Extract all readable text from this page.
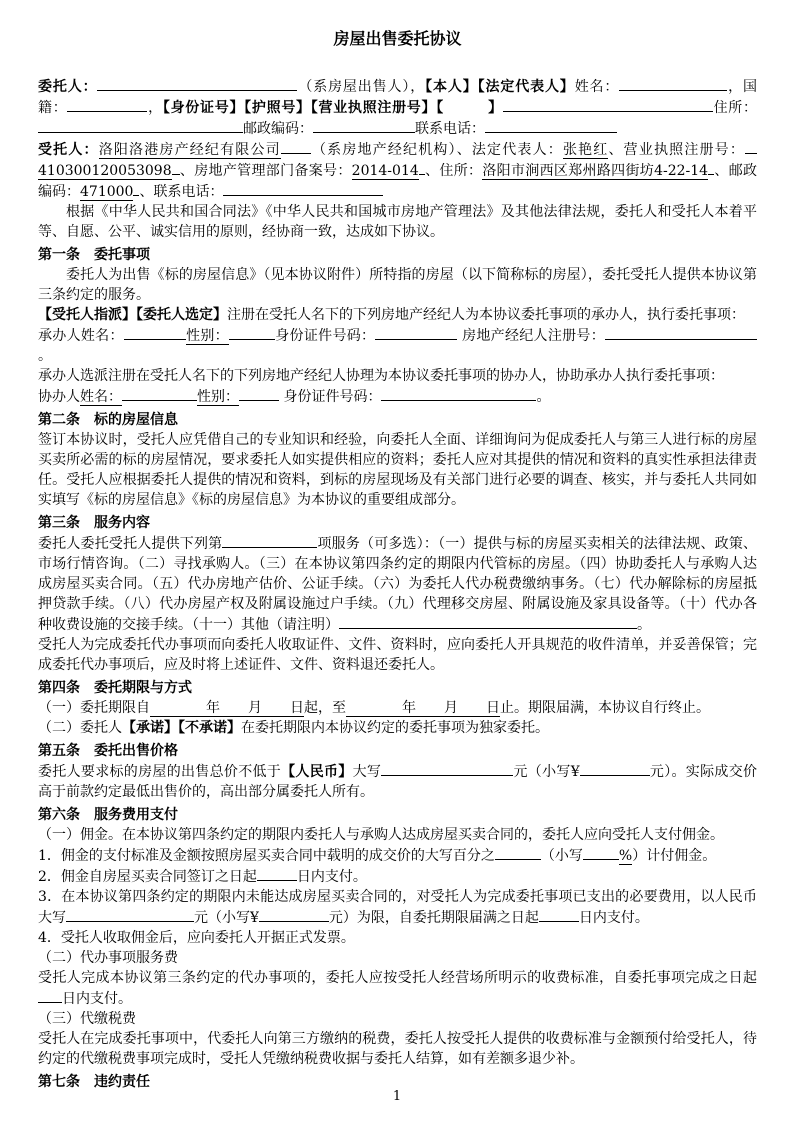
房屋出售委托协议

委托人：	（系房屋出售人），【本人】【法定代表人】姓名：	，国籍：	，【身份证号】【护照号】【营业执照注册号】【　　　	】	住所：邮政编码：	联系电话：

受托人：洛阳洛港房产经纪有限公司 （系房地产经纪机构）、法定代表人：张艳红、营业执照注册号：410300120053098 、房地产管理部门备案号：2014-014 、住所：洛阳市涧西区郑州路四街坊4-22-14 、邮政编码：471000 、联系电话：

根据《中华人民共和国合同法》《中华人民共和国城市房地产管理法》及其他法律法规，委托人和受托人本着平等、自愿、公平、诚实信用的原则，经协商一致，达成如下协议。

第一条　委托事项

委托人为出售《标的房屋信息》（见本协议附件）所特指的房屋（以下简称标的房屋），委托受托人提供本协议第三条约定的服务。

【受托人指派】【委托人选定】注册在受托人名下的下列房地产经纪人为本协议委托事项的承办人，执行委托事项：

承办人姓名：	性别：	身份证件号码：	房地产经纪人注册号：。

承办人选派注册在受托人名下的下列房地产经纪人协理为本协议委托事项的协办人，协助承办人执行委托事项：

协办人姓名：	性别：	身份证件号码：	。

第二条　标的房屋信息

签订本协议时，受托人应凭借自己的专业知识和经验，向委托人全面、详细询问为促成委托人与第三人进行标的房屋买卖所必需的标的房屋情况，要求委托人如实提供相应的资料；委托人应对其提供的情况和资料的真实性承担法律责任。受托人应根据委托人提供的情况和资料，到标的房屋现场及有关部门进行必要的调查、核实，并与委托人共同如实填写《标的房屋信息》《标的房屋信息》为本协议的重要组成部分。

第三条　服务内容

委托人委托受托人提供下列第	项服务（可多选）：（一）提供与标的房屋买卖相关的法律法规、政策、市场行情咨询。（二）寻找承购人。（三）在本协议第四条约定的期限内代管标的房屋。（四）协助委托人与承购人达成房屋买卖合同。（五）代办房地产估价、公证手续。（六）为委托人代办税费缴纳事务。（七）代办解除标的房屋抵押贷款手续。（八）代办房屋产权及附属设施过户手续。（九）代理移交房屋、附属设施及家具设备等。（十）代办各种收费设施的交接手续。（十一）其他（请注明）	。

受托人为完成委托代办事项而向委托人收取证件、文件、资料时，应向委托人开具规范的收件清单，并妥善保管；完成委托代办事项后，应及时将上述证件、文件、资料退还委托人。

第四条　委托期限与方式

（一）委托期限自　　　　年　　月　　日起，至　　　　年　　月　　日止。期限届满，本协议自行终止。

（二）委托人【承诺】【不承诺】在委托期限内本协议约定的委托事项为独家委托。

第五条　委托出售价格

委托人要求标的房屋的出售总价不低于【人民币】大写	元（小写¥	元）。实际成交价高于前款约定最低出售价的，高出部分属委托人所有。

第六条　服务费用支付

（一）佣金。在本协议第四条约定的期限内委托人与承购人达成房屋买卖合同的，委托人应向受托人支付佣金。

1．佣金的支付标准及金额按照房屋买卖合同中载明的成交价的大写百分之	（小写	%）计付佣金。

2．佣金自房屋买卖合同签订之日起	日内支付。

3．在本协议第四条约定的期限内未能达成房屋买卖合同的，对受托人为完成委托事项已支出的必要费用，以人民币大写	元（小写¥	元）为限，自委托期限届满之日起	日内支付。

4．受托人收取佣金后，应向委托人开据正式发票。

（二）代办事项服务费

受托人完成本协议第三条约定的代办事项的，委托人应按受托人经营场所明示的收费标准，自委托事项完成之日起日内支付。

（三）代缴税费

受托人在完成委托事项中，代委托人向第三方缴纳的税费，委托人按受托人提供的收费标准与金额预付给受托人，待约定的代缴税费事项完成时，受托人凭缴纳税费收据与委托人结算，如有差额多退少补。

第七条　违约责任

1
